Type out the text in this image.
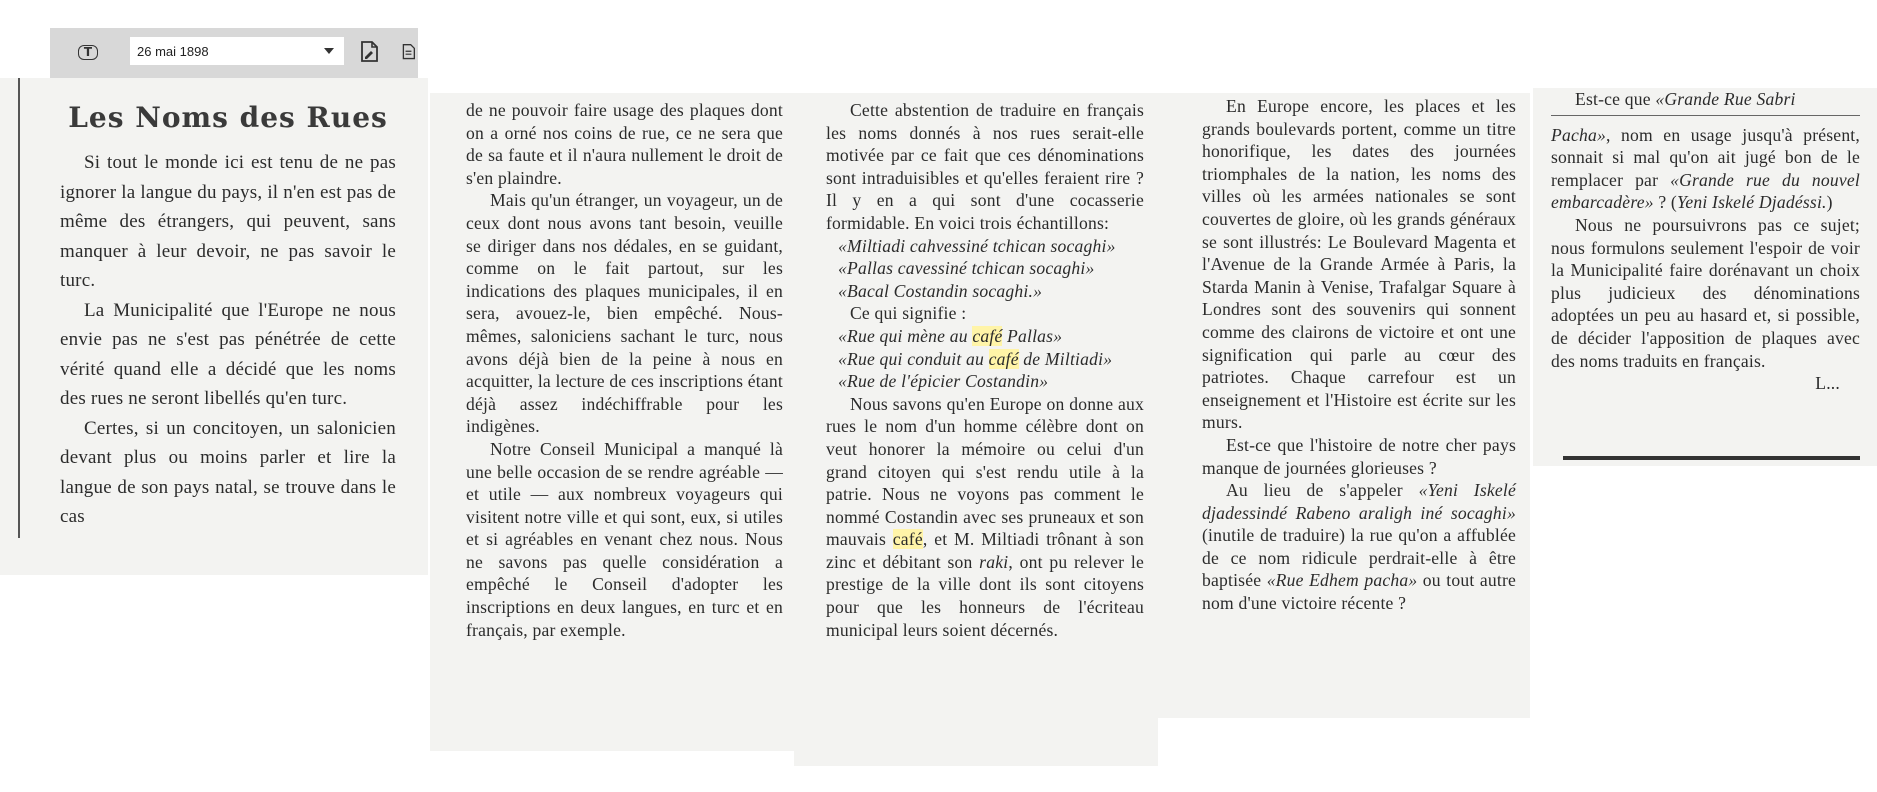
T	26 mai 1898
Les Noms des Rues

Si tout le monde ici est tenu de ne pas ignorer la langue du pays, il n'en est pas de même des étrangers, qui peuvent, sans manquer à leur devoir, ne pas savoir le turc.

La Municipalité que l'Europe ne nous envie pas ne s'est pas pénétrée de cette vérité quand elle a décidé que les noms des rues ne seront libellés qu'en turc.

Certes, si un concitoyen, un salonicien devant plus ou moins parler et lire la langue de son pays natal, se trouve dans le cas

de ne pouvoir faire usage des plaques dont on a orné nos coins de rue, ce ne sera que de sa faute et il n'aura nullement le droit de s'en plaindre.

Mais qu'un étranger, un voyageur, un de ceux dont nous avons tant besoin, veuille se diriger dans nos dédales, en se guidant, comme on le fait partout, sur les indications des plaques municipales, il en sera, avouez-le, bien empêché. Nous-mêmes, saloniciens sachant le turc, nous avons déjà bien de la peine à nous en acquitter, la lecture de ces inscriptions étant déjà assez indéchiffrable pour les indigènes.

Notre Conseil Municipal a manqué là une belle occasion de se rendre agréable — et utile — aux nombreux voyageurs qui visitent notre ville et qui sont, eux, si utiles et si agréables en venant chez nous. Nous ne savons pas quelle considération a empêché le Conseil d'adopter les inscriptions en deux langues, en turc et en français, par exemple.

Cette abstention de traduire en français les noms donnés à nos rues serait-elle motivée par ce fait que ces dénominations sont intraduisibles et qu'elles feraient rire ? Il y en a qui sont d'une cocasserie formidable. En voici trois échantillons:

«Miltiadi cahvessiné tchican socaghi»

«Pallas cavessiné tchican socaghi»

«Bacal Costandin socaghi.»

Ce qui signifie :

«Rue qui mène au café Pallas»

«Rue qui conduit au café de Miltiadi»

«Rue de l'épicier Costandin»

Nous savons qu'en Europe on donne aux rues le nom d'un homme célèbre dont on veut honorer la mémoire ou celui d'un grand citoyen qui s'est rendu utile à la patrie. Nous ne voyons pas comment le nommé Costandin avec ses pruneaux et son mauvais café, et M. Miltiadi trônant à son zinc et débitant son raki, ont pu relever le prestige de la ville dont ils sont citoyens pour que les honneurs de l'écriteau municipal leurs soient décernés.

En Europe encore, les places et les grands boulevards portent, comme un titre honorifique, les dates des journées triomphales de la nation, les noms des villes où les armées nationales se sont couvertes de gloire, où les grands généraux se sont illustrés: Le Boulevard Magenta et l'Avenue de la Grande Armée à Paris, la Starda Manin à Venise, Trafalgar Square à Londres sont des souvenirs qui sonnent comme des clairons de victoire et ont une signification qui parle au cœur des patriotes. Chaque carrefour est un enseignement et l'Histoire est écrite sur les murs.

Est-ce que l'histoire de notre cher pays manque de journées glorieuses ?

Au lieu de s'appeler «Yeni Iskelé djadessindé Rabeno araligh iné socaghi» (inutile de traduire) la rue qu'on a affublée de ce nom ridicule perdrait-elle à être baptisée «Rue Edhem pacha» ou tout autre nom d'une victoire récente ?

Est-ce que «Grande Rue Sabri

Pacha», nom en usage jusqu'à présent, sonnait si mal qu'on ait jugé bon de le remplacer par «Grande rue du nouvel embarcadère» ? (Yeni Iskelé Djadéssi.)

Nous ne poursuivrons pas ce sujet; nous formulons seulement l'espoir de voir la Municipalité faire dorénavant un choix plus judicieux des dénominations adoptées un peu au hasard et, si possible, de décider l'apposition de plaques avec des noms traduits en français.

L...
